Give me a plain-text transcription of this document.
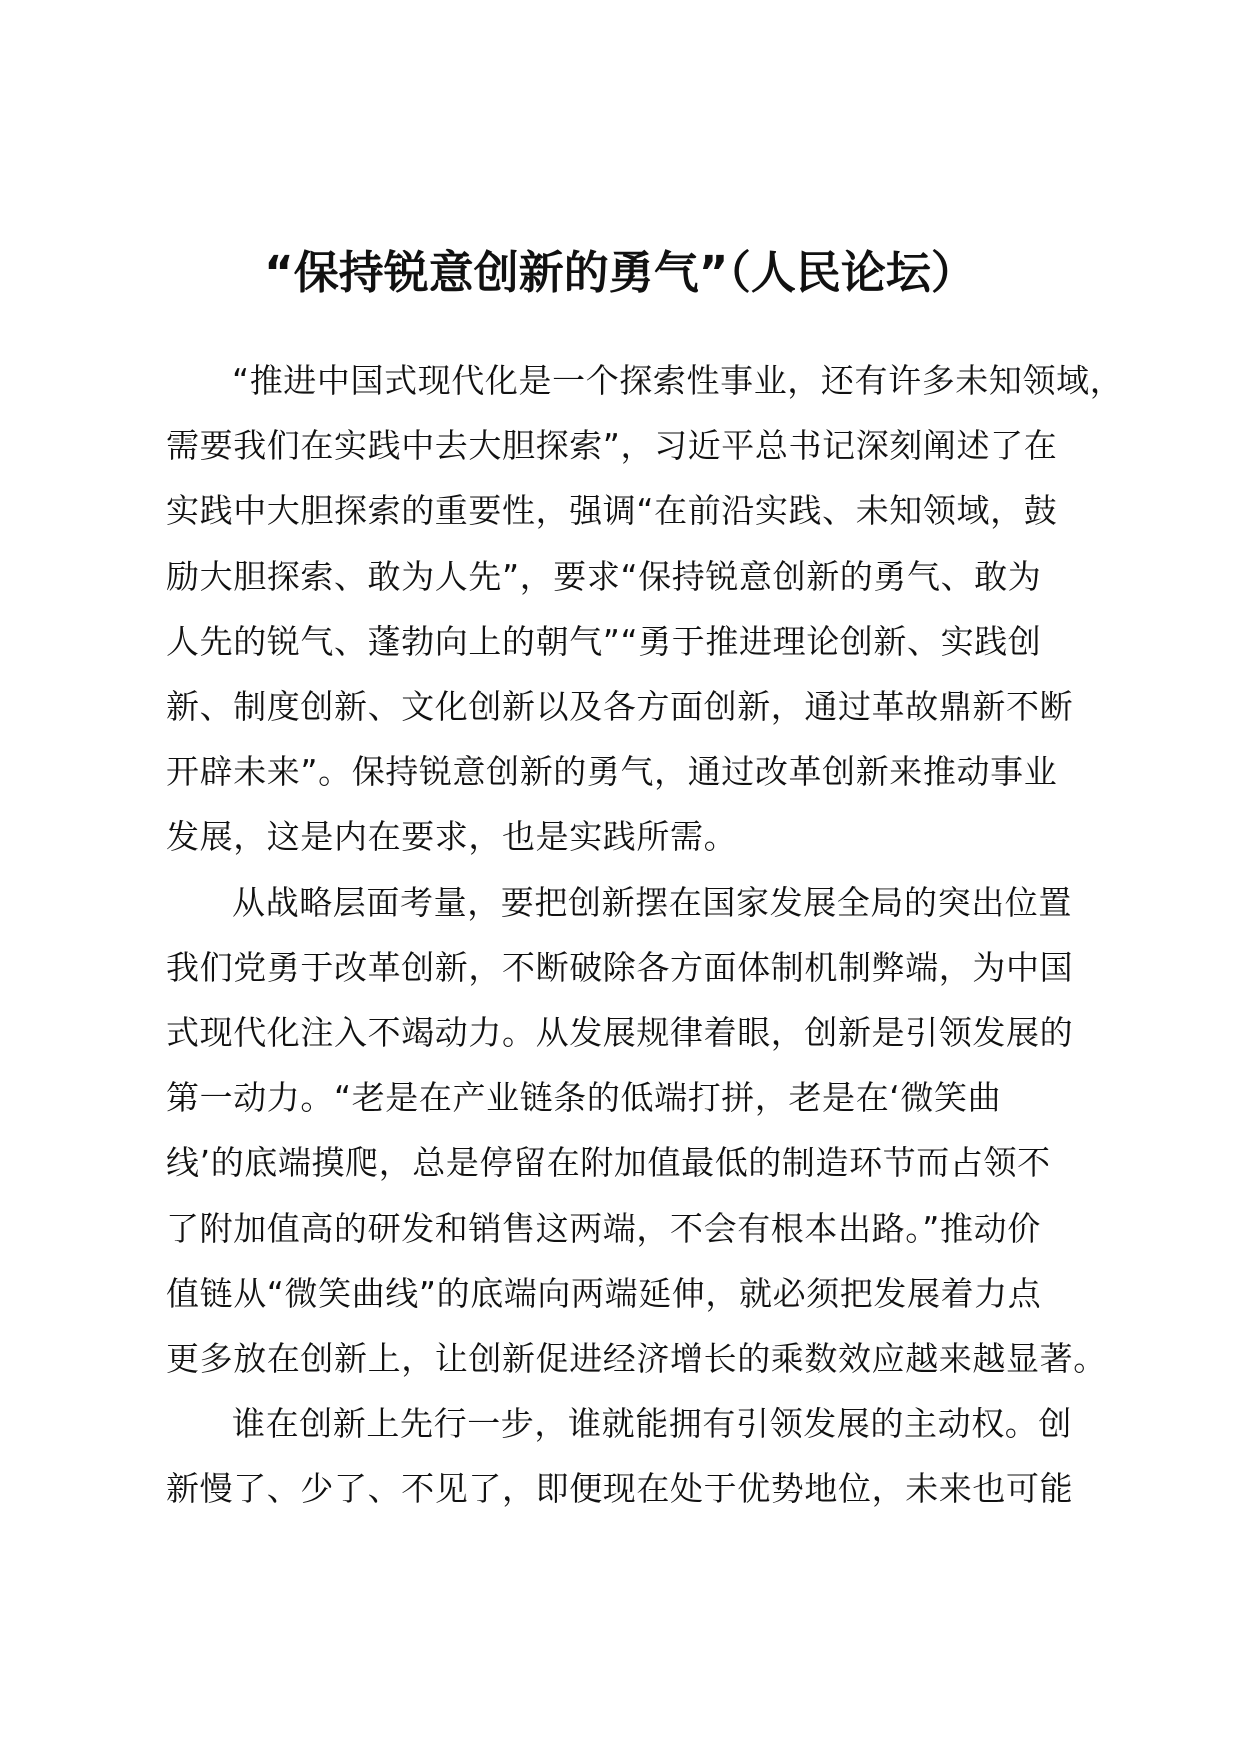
“保持锐意创新的勇气”（人民论坛）

“推进中国式现代化是一个探索性事业，还有许多未知领域，
需要我们在实践中去大胆探索”，习近平总书记深刻阐述了在
实践中大胆探索的重要性，强调“在前沿实践、未知领域，鼓
励大胆探索、敢为人先”，要求“保持锐意创新的勇气、敢为
人先的锐气、蓬勃向上的朝气”“勇于推进理论创新、实践创
新、制度创新、文化创新以及各方面创新，通过革故鼎新不断
开辟未来”。保持锐意创新的勇气，通过改革创新来推动事业
发展，这是内在要求，也是实践所需。

从战略层面考量，要把创新摆在国家发展全局的突出位置
我们党勇于改革创新，不断破除各方面体制机制弊端，为中国
式现代化注入不竭动力。从发展规律着眼，创新是引领发展的
第一动力。“老是在产业链条的低端打拼，老是在‘微笑曲
线’的底端摸爬，总是停留在附加值最低的制造环节而占领不
了附加值高的研发和销售这两端，不会有根本出路。”推动价
值链从“微笑曲线”的底端向两端延伸，就必须把发展着力点
更多放在创新上，让创新促进经济增长的乘数效应越来越显著。

谁在创新上先行一步，谁就能拥有引领发展的主动权。创
新慢了、少了、不见了，即便现在处于优势地位，未来也可能
